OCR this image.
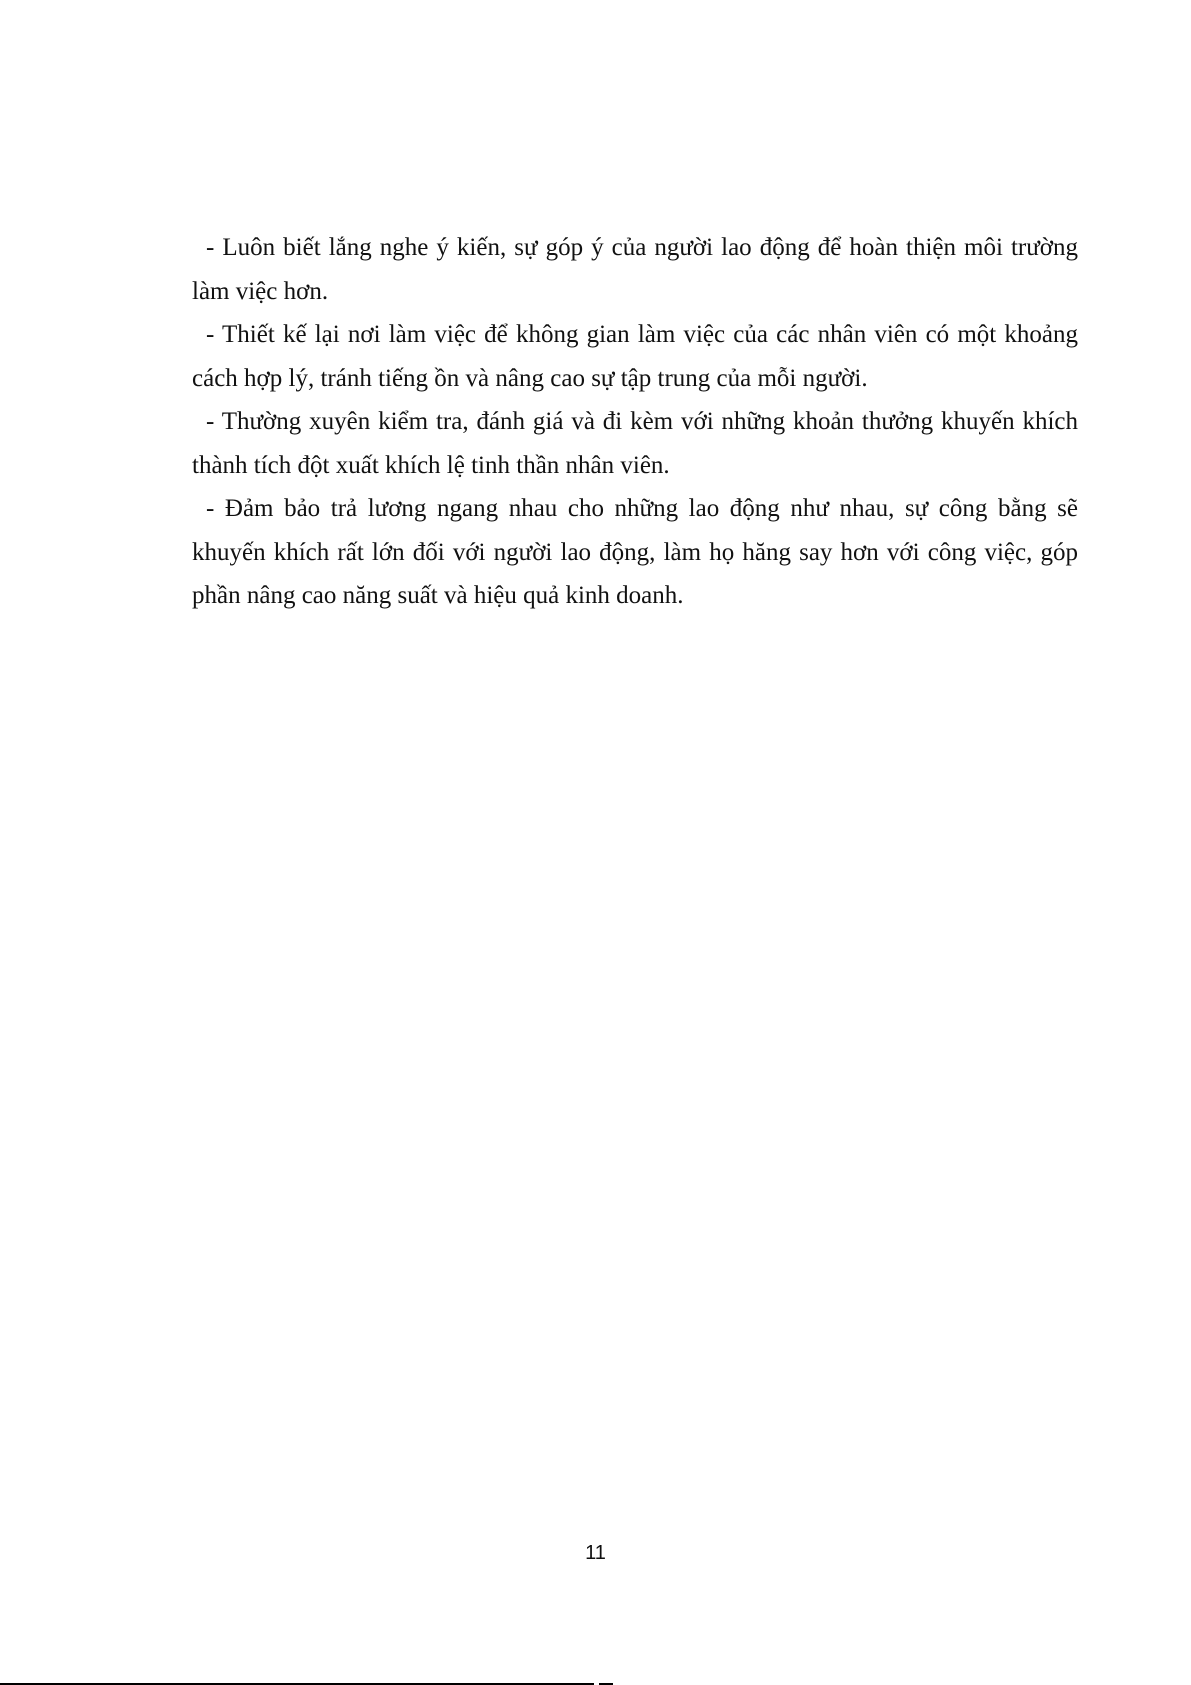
- Luôn biết lắng nghe ý kiến, sự góp ý của người lao động để hoàn thiện môi trường làm việc hơn.

- Thiết kế lại nơi làm việc để không gian làm việc của các nhân viên có một khoảng cách hợp lý, tránh tiếng ồn và nâng cao sự tập trung của mỗi người.

- Thường xuyên kiểm tra, đánh giá và đi kèm với những khoản thưởng khuyến khích thành tích đột xuất khích lệ tinh thần nhân viên.

- Đảm bảo trả lương ngang nhau cho những lao động như nhau, sự công bằng sẽ khuyến khích rất lớn đối với người lao động, làm họ hăng say hơn với công việc, góp phần nâng cao năng suất và hiệu quả kinh doanh.

11
